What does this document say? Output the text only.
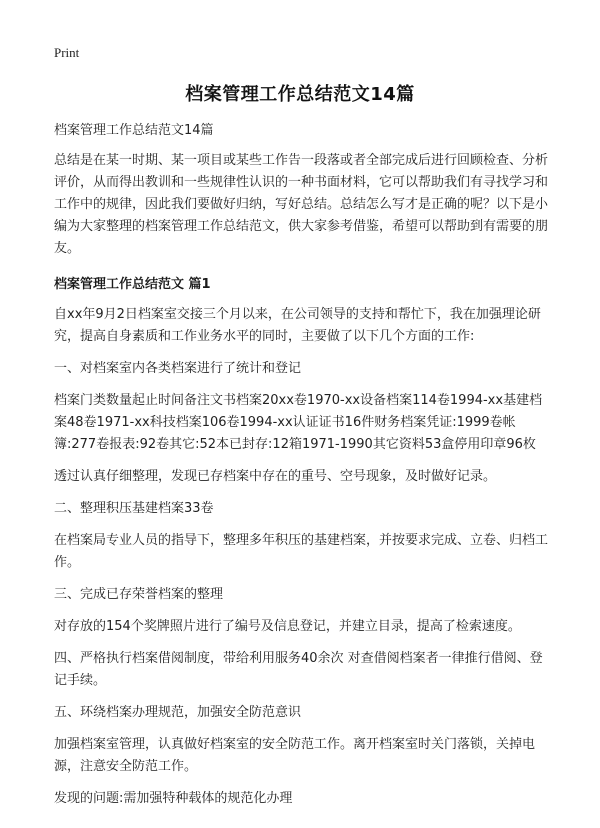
Print
档案管理工作总结范文14篇

档案管理工作总结范文14篇

总结是在某一时期、某一项目或某些工作告一段落或者全部完成后进行回顾检查、分析评价，从而得出教训和一些规律性认识的一种书面材料，它可以帮助我们有寻找学习和工作中的规律，因此我们要做好归纳，写好总结。总结怎么写才是正确的呢？以下是小编为大家整理的档案管理工作总结范文，供大家参考借鉴，希望可以帮助到有需要的朋友。

档案管理工作总结范文 篇1

自xx年9月2日档案室交接三个月以来，在公司领导的支持和帮忙下，我在加强理论研究，提高自身素质和工作业务水平的同时，主要做了以下几个方面的工作:

一、对档案室内各类档案进行了统计和登记

档案门类数量起止时间备注文书档案20xx卷1970-xx设备档案114卷1994-xx基建档案48卷1971-xx科技档案106卷1994-xx认证证书16件财务档案凭证:1999卷帐簿:277卷报表:92卷其它:52本已封存:12箱1971-1990其它资料53盒停用印章96枚

透过认真仔细整理，发现已存档案中存在的重号、空号现象，及时做好记录。

二、整理积压基建档案33卷

在档案局专业人员的指导下，整理多年积压的基建档案，并按要求完成、立卷、归档工作。

三、完成已存荣誉档案的整理

对存放的154个奖牌照片进行了编号及信息登记，并建立目录，提高了检索速度。

四、严格执行档案借阅制度，带给利用服务40余次 对查借阅档案者一律推行借阅、登记手续。

五、环绕档案办理规范，加强安全防范意识

加强档案室管理，认真做好档案室的安全防范工作。离开档案室时关门落锁，关掉电源，注意安全防范工作。

发现的问题:需加强特种载体的规范化办理
